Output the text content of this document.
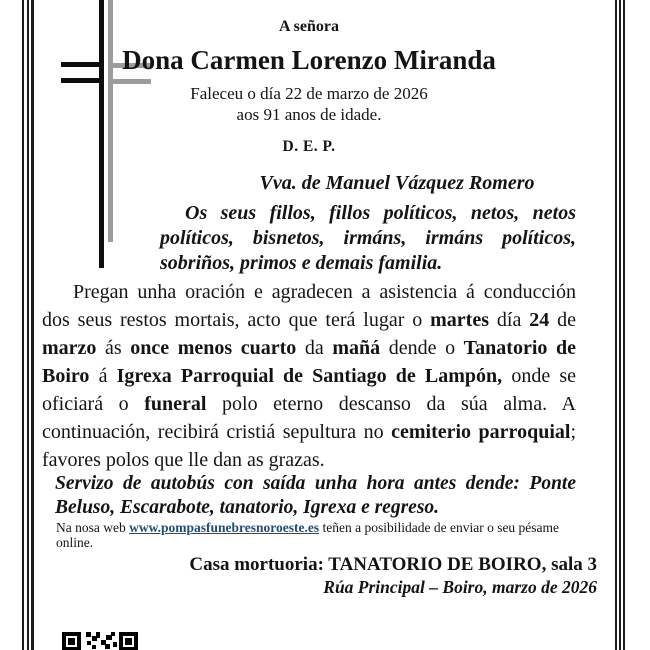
A señora
Dona Carmen Lorenzo Miranda
Faleceu o día 22 de marzo de 2026
aos 91 anos de idade.
D. E. P.
Vva. de Manuel Vázquez Romero
Os seus fillos, fillos políticos, netos, netos políticos, bisnetos, irmáns, irmáns políticos, sobriños, primos e demais familia.
Pregan unha oración e agradecen a asistencia á conducción dos seus restos mortais, acto que terá lugar o martes día 24 de marzo ás once menos cuarto da mañá dende o Tanatorio de Boiro á Igrexa Parroquial de Santiago de Lampón, onde se oficiará o funeral polo eterno descanso da súa alma. A continuación, recibirá cristiá sepultura no cemiterio parroquial; favores polos que lle dan as grazas.
Servizo de autobús con saída unha hora antes dende: Ponte Beluso, Escarabote, tanatorio, Igrexa e regreso.
Na nosa web www.pompasfunebresnoroeste.es teñen a posibilidade de enviar o seu pésame online.
Casa mortuoria: TANATORIO DE BOIRO, sala 3
Rúa Principal – Boiro, marzo de 2026
